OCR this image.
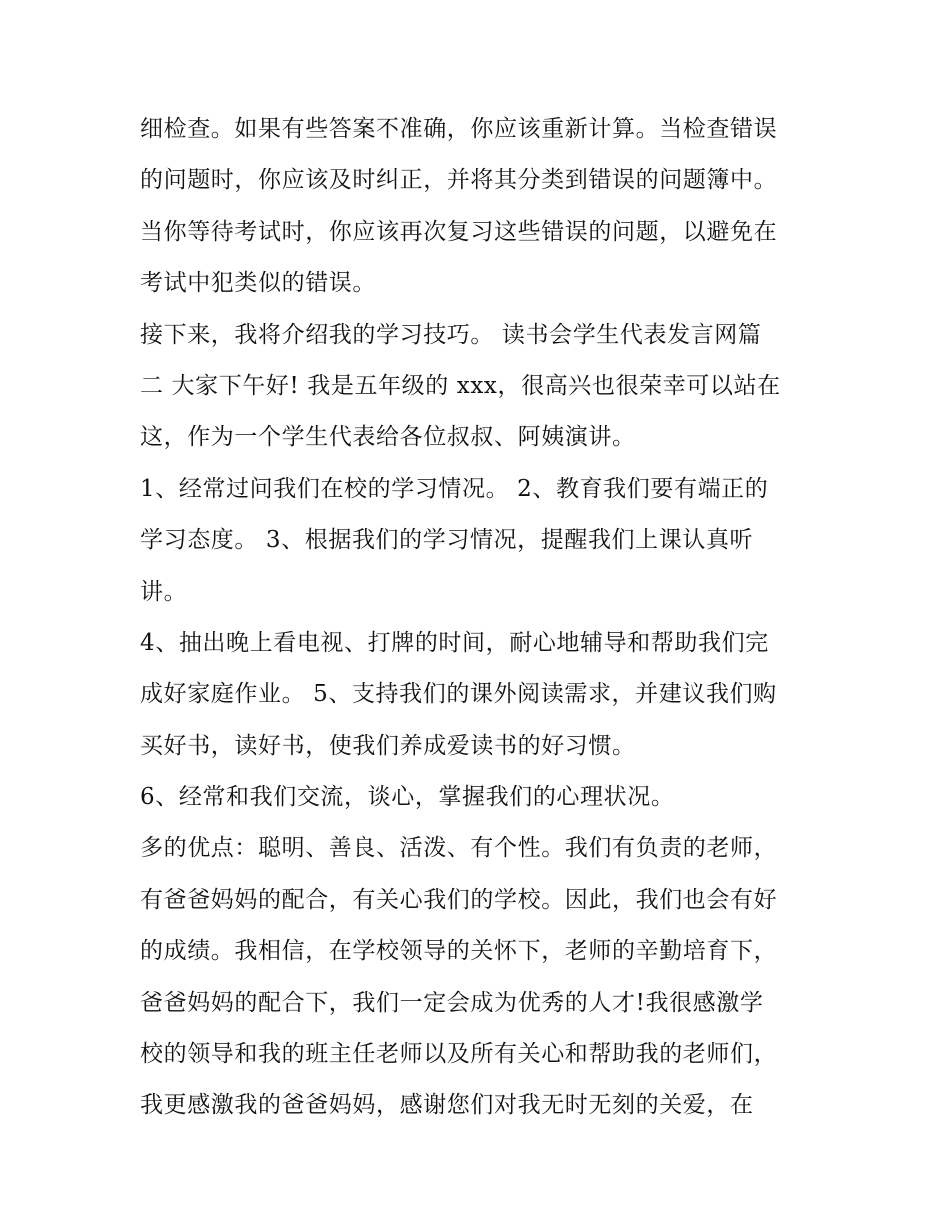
细检查。如果有些答案不准确，你应该重新计算。当检查错误
的问题时，你应该及时纠正，并将其分类到错误的问题簿中。
当你等待考试时，你应该再次复习这些错误的问题，以避免在
考试中犯类似的错误。
接下来，我将介绍我的学习技巧。 读书会学生代表发言网篇
二 大家下午好! 我是五年级的 xxx，很高兴也很荣幸可以站在
这，作为一个学生代表给各位叔叔、阿姨演讲。
1、经常过问我们在校的学习情况。 2、教育我们要有端正的
学习态度。 3、根据我们的学习情况，提醒我们上课认真听
讲。
4、抽出晚上看电视、打牌的时间，耐心地辅导和帮助我们完
成好家庭作业。 5、支持我们的课外阅读需求，并建议我们购
买好书，读好书，使我们养成爱读书的好习惯。
6、经常和我们交流，谈心，掌握我们的心理状况。
多的优点：聪明、善良、活泼、有个性。我们有负责的老师，
有爸爸妈妈的配合，有关心我们的学校。因此，我们也会有好
的成绩。我相信，在学校领导的关怀下，老师的辛勤培育下，
爸爸妈妈的配合下，我们一定会成为优秀的人才!我很感激学
校的领导和我的班主任老师以及所有关心和帮助我的老师们，
我更感激我的爸爸妈妈，感谢您们对我无时无刻的关爱，在
